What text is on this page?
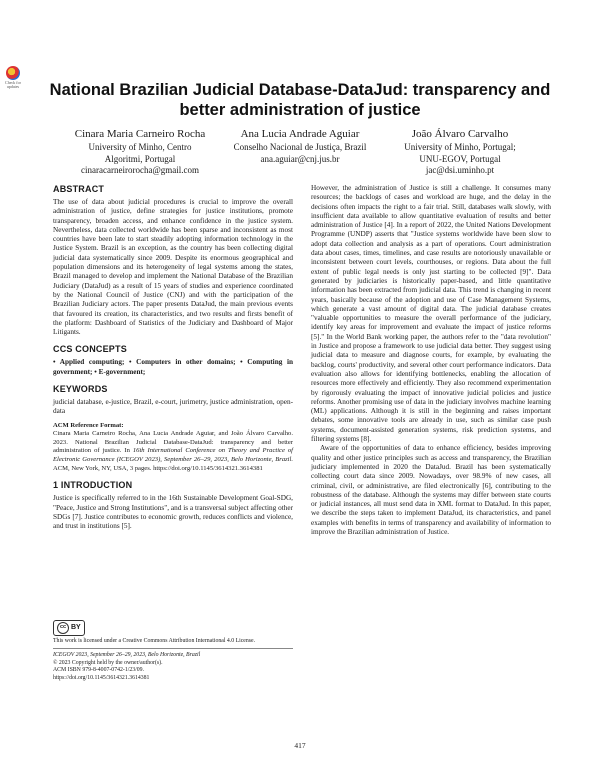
Check for updates	National Brazilian Judicial Database-DataJud: transparency and better administration of justice
Cinara Maria Carneiro Rocha
University of Minho, Centro
Algoritmi, Portugal
cinaracarneirorocha@gmail.com
Ana Lucia Andrade Aguiar
Conselho Nacional de Justiça, Brazil
ana.aguiar@cnj.jus.br
João Álvaro Carvalho
University of Minho, Portugal;
UNU-EGOV, Portugal
jac@dsi.uminho.pt
ABSTRACT

The use of data about judicial procedures is crucial to improve the overall administration of justice, define strategies for justice institutions, promote transparency, broaden access, and enhance confidence in the justice system. Nevertheless, data collected worldwide has been sparse and inconsistent as most countries have been late to start steadily adopting information technology in the Justice System. Brazil is an exception, as the country has been collecting digital judicial data systematically since 2009. Despite its enormous geographical and population dimensions and its heterogeneity of legal systems among the states, Brazil managed to develop and implement the National Database of the Brazilian Judiciary (DataJud) as a result of 15 years of studies and experience coordinated by the National Council of Justice (CNJ) and with the participation of the Brazilian Judiciary actors. The paper presents DataJud, the main previous events that favoured its creation, its characteristics, and two results and firsts benefit of the platform: Dashboard of Statistics of the Judiciary and Dashboard of Major Litigants.

CCS CONCEPTS

• Applied computing; • Computers in other domains; • Computing in government; • E-government;

KEYWORDS

judicial database, e-justice, Brazil, e-court, jurimetry, justice administration, open-data

ACM Reference Format:

Cinara Maria Carneiro Rocha, Ana Lucia Andrade Aguiar, and João Álvaro Carvalho. 2023. National Brazilian Judicial Database-DataJud: transparency and better administration of justice. In 16th International Conference on Theory and Practice of Electronic Governance (ICEGOV 2023), September 26–29, 2023, Belo Horizonte, Brazil. ACM, New York, NY, USA, 3 pages. https://doi.org/10.1145/3614321.3614381

1 INTRODUCTION

Justice is specifically referred to in the 16th Sustainable Development Goal-SDG, "Peace, Justice and Strong Institutions", and is a transversal subject affecting other SDGs [7]. Justice contributes to economic growth, reduces conflicts and violence, and trust in institutions [5].

cc BY
This work is licensed under a Creative Commons Attribution International 4.0 License.
ICEGOV 2023, September 26–29, 2023, Belo Horizonte, Brazil
© 2023 Copyright held by the owner/author(s).
ACM ISBN 979-8-4007-0742-1/23/09.
https://doi.org/10.1145/3614321.3614381

However, the administration of Justice is still a challenge. It consumes many resources; the backlogs of cases and workload are huge, and the delay in the decisions often impacts the right to a fair trial. Still, databases walk slowly, with insufficient data available to allow quantitative evaluation of results and better administration of Justice [4]. In a report of 2022, the United Nations Development Programme (UNDP) asserts that "Justice systems worldwide have been slow to adopt data collection and analysis as a part of operations. Court administration data about cases, times, timelines, and case results are notoriously unavailable or inconsistent between court levels, courthouses, or regions. Data about the full extent of public legal needs is only just starting to be collected [9]". Data generated by judiciaries is historically paper-based, and little quantitative information has been extracted from judicial data. This trend is changing in recent years, basically because of the adoption and use of Case Management Systems, which generate a vast amount of digital data. The judicial database creates "valuable opportunities to measure the overall performance of the judiciary, identify key areas for improvement and evaluate the impact of justice reforms [5]." In the World Bank working paper, the authors refer to the "data revolution" in Justice and propose a framework to use judicial data better. They suggest using judicial data to measure and diagnose courts, for example, by evaluating the backlog, courts' productivity, and several other court performance indicators. Data evaluation also allows for identifying bottlenecks, enabling the allocation of resources more effectively and efficiently. They also recommend experimentation by rigorously evaluating the impact of innovative judicial policies and justice reforms. Another promising use of data in the judiciary involves machine learning (ML) applications. Although it is still in the beginning and raises important debates, some innovative tools are already in use, such as similar case push systems, document-assisted generation systems, risk prediction systems, and filtering systems [8].

Aware of the opportunities of data to enhance efficiency, besides improving quality and other justice principles such as access and transparency, the Brazilian judiciary implemented in 2020 the DataJud. Brazil has been systematically collecting court data since 2009. Nowadays, over 98.9% of new cases, all criminal, civil, or administrative, are filed electronically [6], contributing to the robustness of the database. Although the systems may differ between state courts or judicial instances, all must send data in XML format to DataJud. In this paper, we describe the steps taken to implement DataJud, its characteristics, and panel examples with benefits in terms of transparency and availability of information to improve the Brazilian administration of Justice.

417
